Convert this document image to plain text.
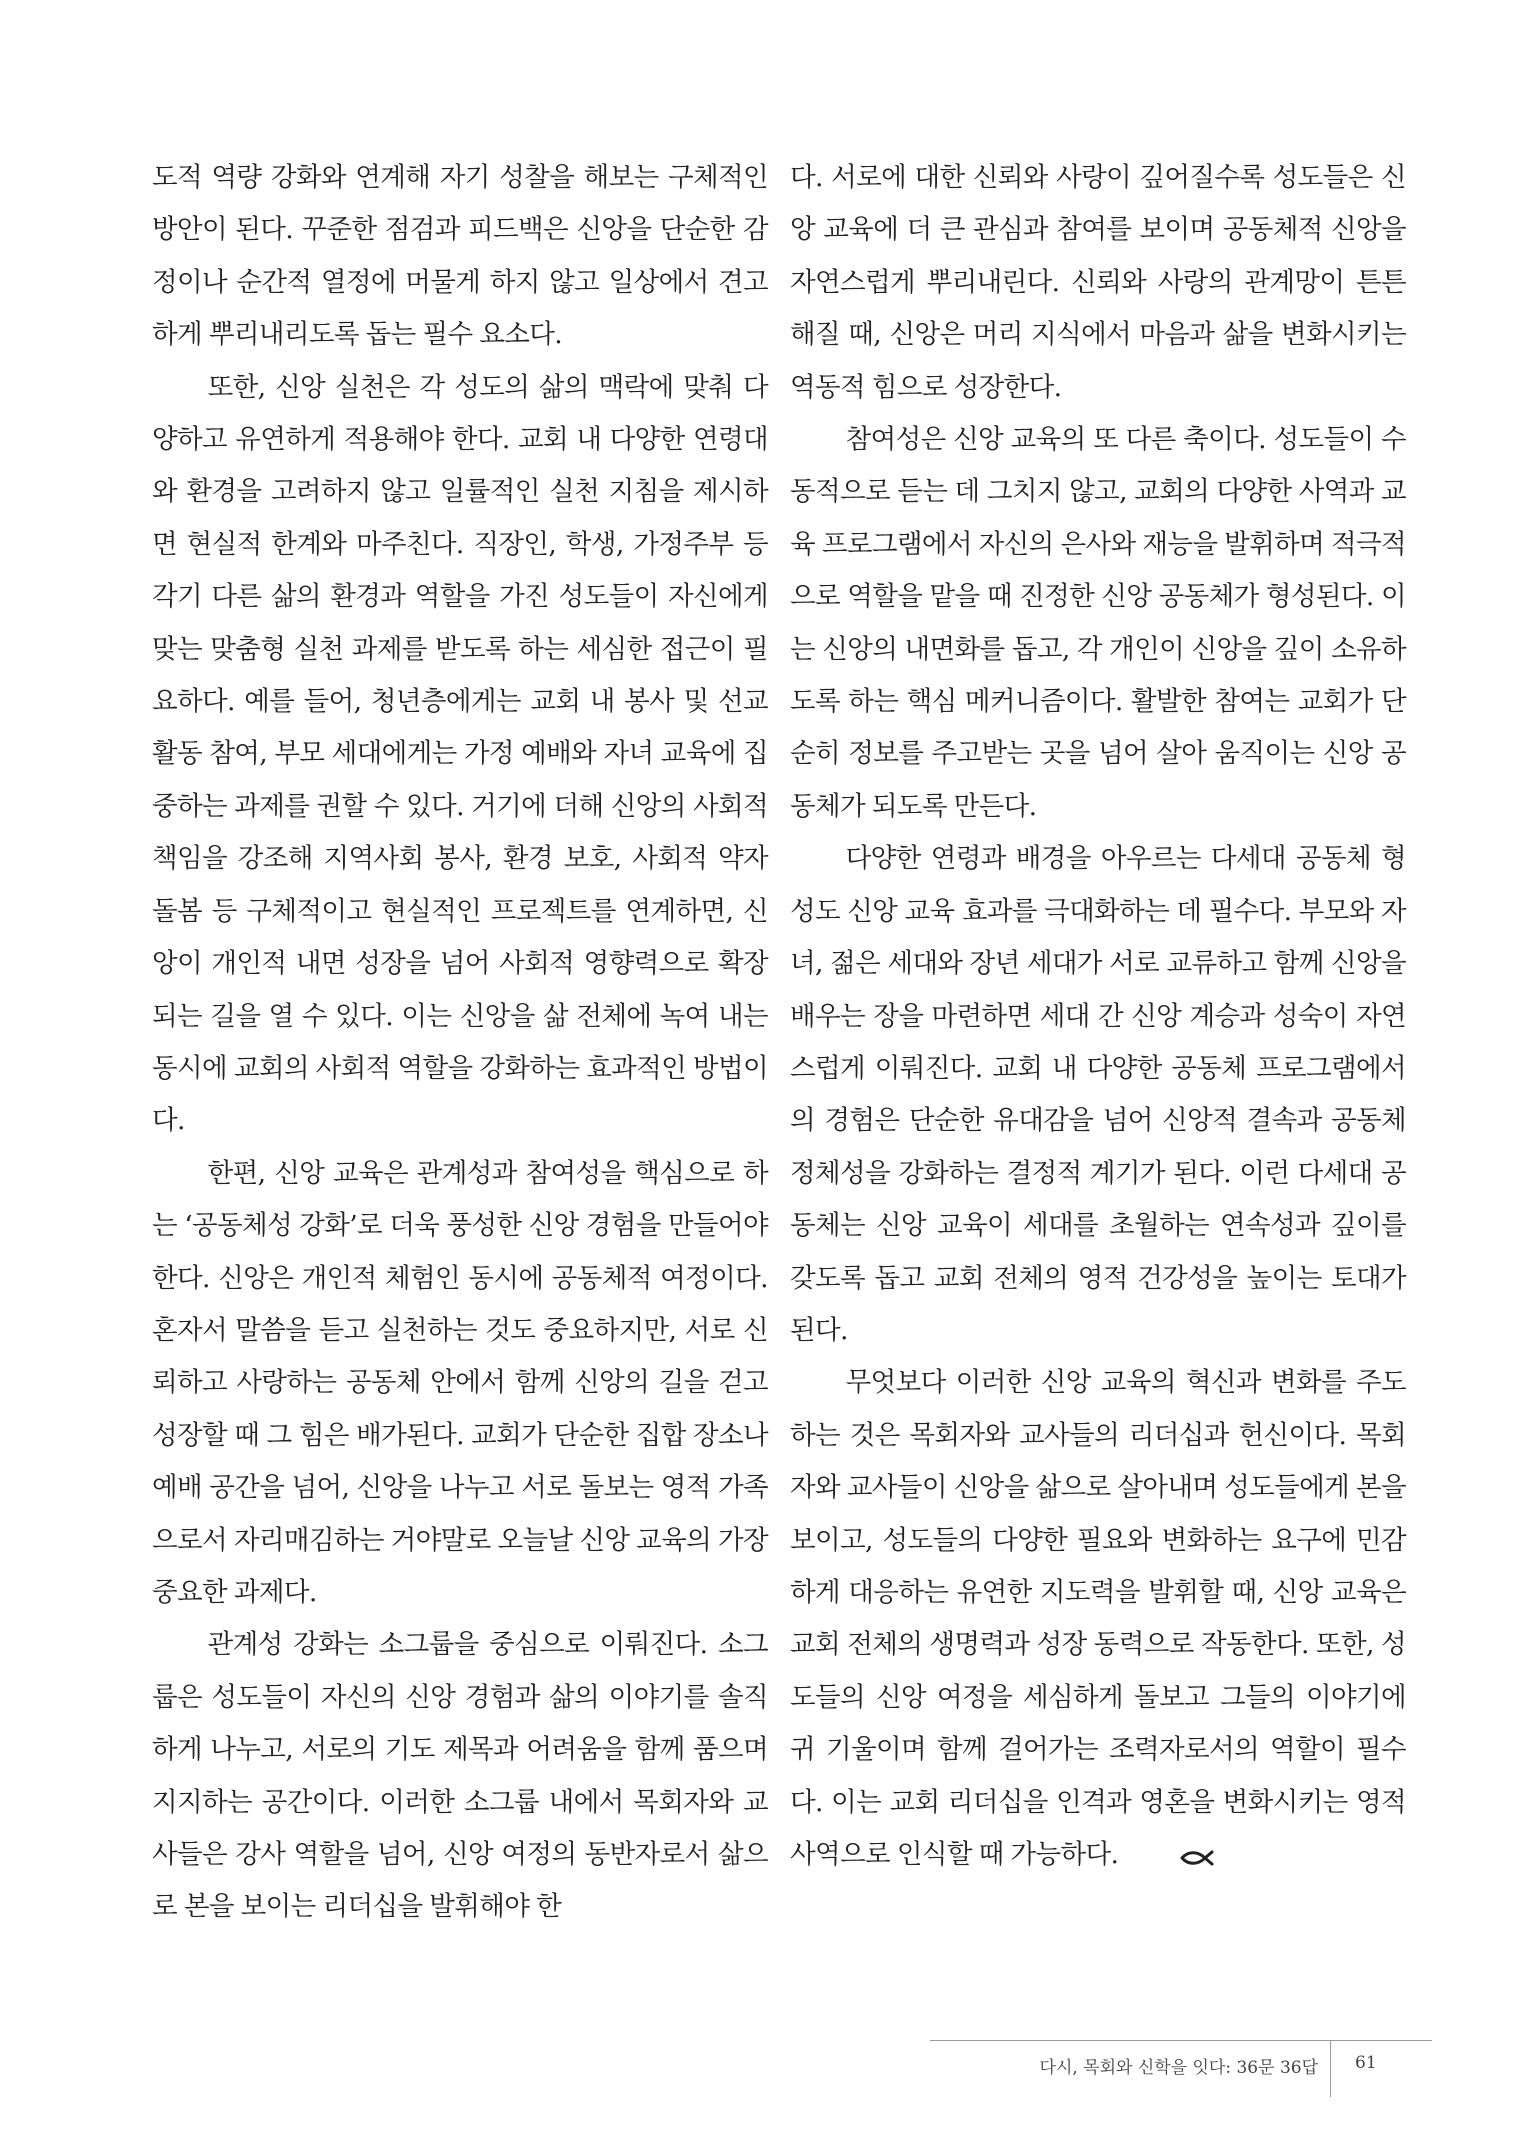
도적 역량 강화와 연계해 자기 성찰을 해보는 구체적인 방안이 된다. 꾸준한 점검과 피드백은 신앙을 단순한 감정이나 순간적 열정에 머물게 하지 않고 일상에서 견고하게 뿌리내리도록 돕는 필수 요소다.

또한, 신앙 실천은 각 성도의 삶의 맥락에 맞춰 다양하고 유연하게 적용해야 한다. 교회 내 다양한 연령대와 환경을 고려하지 않고 일률적인 실천 지침을 제시하면 현실적 한계와 마주친다. 직장인, 학생, 가정주부 등 각기 다른 삶의 환경과 역할을 가진 성도들이 자신에게 맞는 맞춤형 실천 과제를 받도록 하는 세심한 접근이 필요하다. 예를 들어, 청년층에게는 교회 내 봉사 및 선교 활동 참여, 부모 세대에게는 가정 예배와 자녀 교육에 집중하는 과제를 권할 수 있다. 거기에 더해 신앙의 사회적 책임을 강조해 지역사회 봉사, 환경 보호, 사회적 약자 돌봄 등 구체적이고 현실적인 프로젝트를 연계하면, 신앙이 개인적 내면 성장을 넘어 사회적 영향력으로 확장되는 길을 열 수 있다. 이는 신앙을 삶 전체에 녹여 내는 동시에 교회의 사회적 역할을 강화하는 효과적인 방법이다.

한편, 신앙 교육은 관계성과 참여성을 핵심으로 하는 ‘공동체성 강화’로 더욱 풍성한 신앙 경험을 만들어야 한다. 신앙은 개인적 체험인 동시에 공동체적 여정이다. 혼자서 말씀을 듣고 실천하는 것도 중요하지만, 서로 신뢰하고 사랑하는 공동체 안에서 함께 신앙의 길을 걷고 성장할 때 그 힘은 배가된다. 교회가 단순한 집합 장소나 예배 공간을 넘어, 신앙을 나누고 서로 돌보는 영적 가족으로서 자리매김하는 거야말로 오늘날 신앙 교육의 가장 중요한 과제다.

관계성 강화는 소그룹을 중심으로 이뤄진다. 소그룹은 성도들이 자신의 신앙 경험과 삶의 이야기를 솔직하게 나누고, 서로의 기도 제목과 어려움을 함께 품으며 지지하는 공간이다. 이러한 소그룹 내에서 목회자와 교사들은 강사 역할을 넘어, 신앙 여정의 동반자로서 삶으로 본을 보이는 리더십을 발휘해야 한

다. 서로에 대한 신뢰와 사랑이 깊어질수록 성도들은 신앙 교육에 더 큰 관심과 참여를 보이며 공동체적 신앙을 자연스럽게 뿌리내린다. 신뢰와 사랑의 관계망이 튼튼해질 때, 신앙은 머리 지식에서 마음과 삶을 변화시키는 역동적 힘으로 성장한다.

참여성은 신앙 교육의 또 다른 축이다. 성도들이 수동적으로 듣는 데 그치지 않고, 교회의 다양한 사역과 교육 프로그램에서 자신의 은사와 재능을 발휘하며 적극적으로 역할을 맡을 때 진정한 신앙 공동체가 형성된다. 이는 신앙의 내면화를 돕고, 각 개인이 신앙을 깊이 소유하도록 하는 핵심 메커니즘이다. 활발한 참여는 교회가 단순히 정보를 주고받는 곳을 넘어 살아 움직이는 신앙 공동체가 되도록 만든다.

다양한 연령과 배경을 아우르는 다세대 공동체 형성도 신앙 교육 효과를 극대화하는 데 필수다. 부모와 자녀, 젊은 세대와 장년 세대가 서로 교류하고 함께 신앙을 배우는 장을 마련하면 세대 간 신앙 계승과 성숙이 자연스럽게 이뤄진다. 교회 내 다양한 공동체 프로그램에서의 경험은 단순한 유대감을 넘어 신앙적 결속과 공동체 정체성을 강화하는 결정적 계기가 된다. 이런 다세대 공동체는 신앙 교육이 세대를 초월하는 연속성과 깊이를 갖도록 돕고 교회 전체의 영적 건강성을 높이는 토대가 된다.

무엇보다 이러한 신앙 교육의 혁신과 변화를 주도하는 것은 목회자와 교사들의 리더십과 헌신이다. 목회자와 교사들이 신앙을 삶으로 살아내며 성도들에게 본을 보이고, 성도들의 다양한 필요와 변화하는 요구에 민감하게 대응하는 유연한 지도력을 발휘할 때, 신앙 교육은 교회 전체의 생명력과 성장 동력으로 작동한다. 또한, 성도들의 신앙 여정을 세심하게 돌보고 그들의 이야기에 귀 기울이며 함께 걸어가는 조력자로서의 역할이 필수다. 이는 교회 리더십을 인격과 영혼을 변화시키는 영적 사역으로 인식할 때 가능하다.

다시, 목회와 신학을 잇다: 36문 36답 61
